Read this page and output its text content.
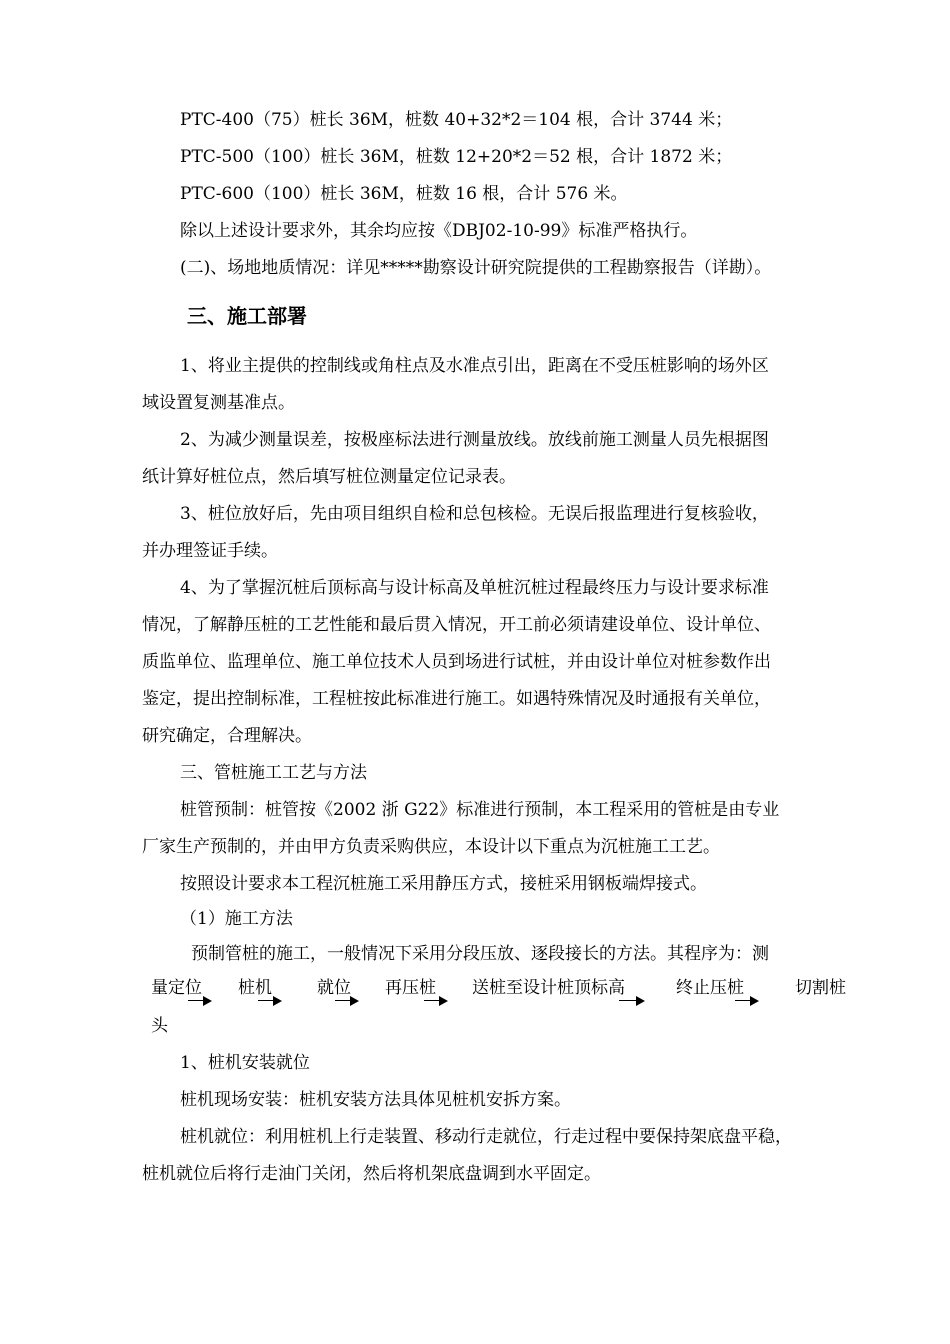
PTC-400（75）桩长 36M，桩数 40+32*2＝104 根，合计 3744 米；
PTC-500（100）桩长 36M，桩数 12+20*2＝52 根，合计 1872 米；
PTC-600（100）桩长 36M，桩数 16 根，合计 576 米。
除以上述设计要求外，其余均应按《DBJ02-10-99》标准严格执行。
(二)、场地地质情况：详见*****勘察设计研究院提供的工程勘察报告（详勘）。
三、施工部署
1、将业主提供的控制线或角柱点及水准点引出，距离在不受压桩影响的场外区
域设置复测基准点。
2、为减少测量误差，按极座标法进行测量放线。放线前施工测量人员先根据图
纸计算好桩位点，然后填写桩位测量定位记录表。
3、桩位放好后，先由项目组织自检和总包核检。无误后报监理进行复核验收，
并办理签证手续。
4、为了掌握沉桩后顶标高与设计标高及单桩沉桩过程最终压力与设计要求标准
情况，了解静压桩的工艺性能和最后贯入情况，开工前必须请建设单位、设计单位、
质监单位、监理单位、施工单位技术人员到场进行试桩，并由设计单位对桩参数作出
鉴定，提出控制标准，工程桩按此标准进行施工。如遇特殊情况及时通报有关单位，
研究确定，合理解决。
三、管桩施工工艺与方法
桩管预制：桩管按《2002 浙 G22》标准进行预制，本工程采用的管桩是由专业
厂家生产预制的，并由甲方负责采购供应，本设计以下重点为沉桩施工工艺。
按照设计要求本工程沉桩施工采用静压方式，接桩采用钢板端焊接式。
（1）施工方法
预制管桩的施工，一般情况下采用分段压放、逐段接长的方法。其程序为：测
量定位 桩机	就位 再压桩 送桩至设计桩顶标高	终止压桩	切割桩
头
1、桩机安装就位
桩机现场安装：桩机安装方法具体见桩机安拆方案。
桩机就位：利用桩机上行走装置、移动行走就位，行走过程中要保持架底盘平稳，
桩机就位后将行走油门关闭，然后将机架底盘调到水平固定。
